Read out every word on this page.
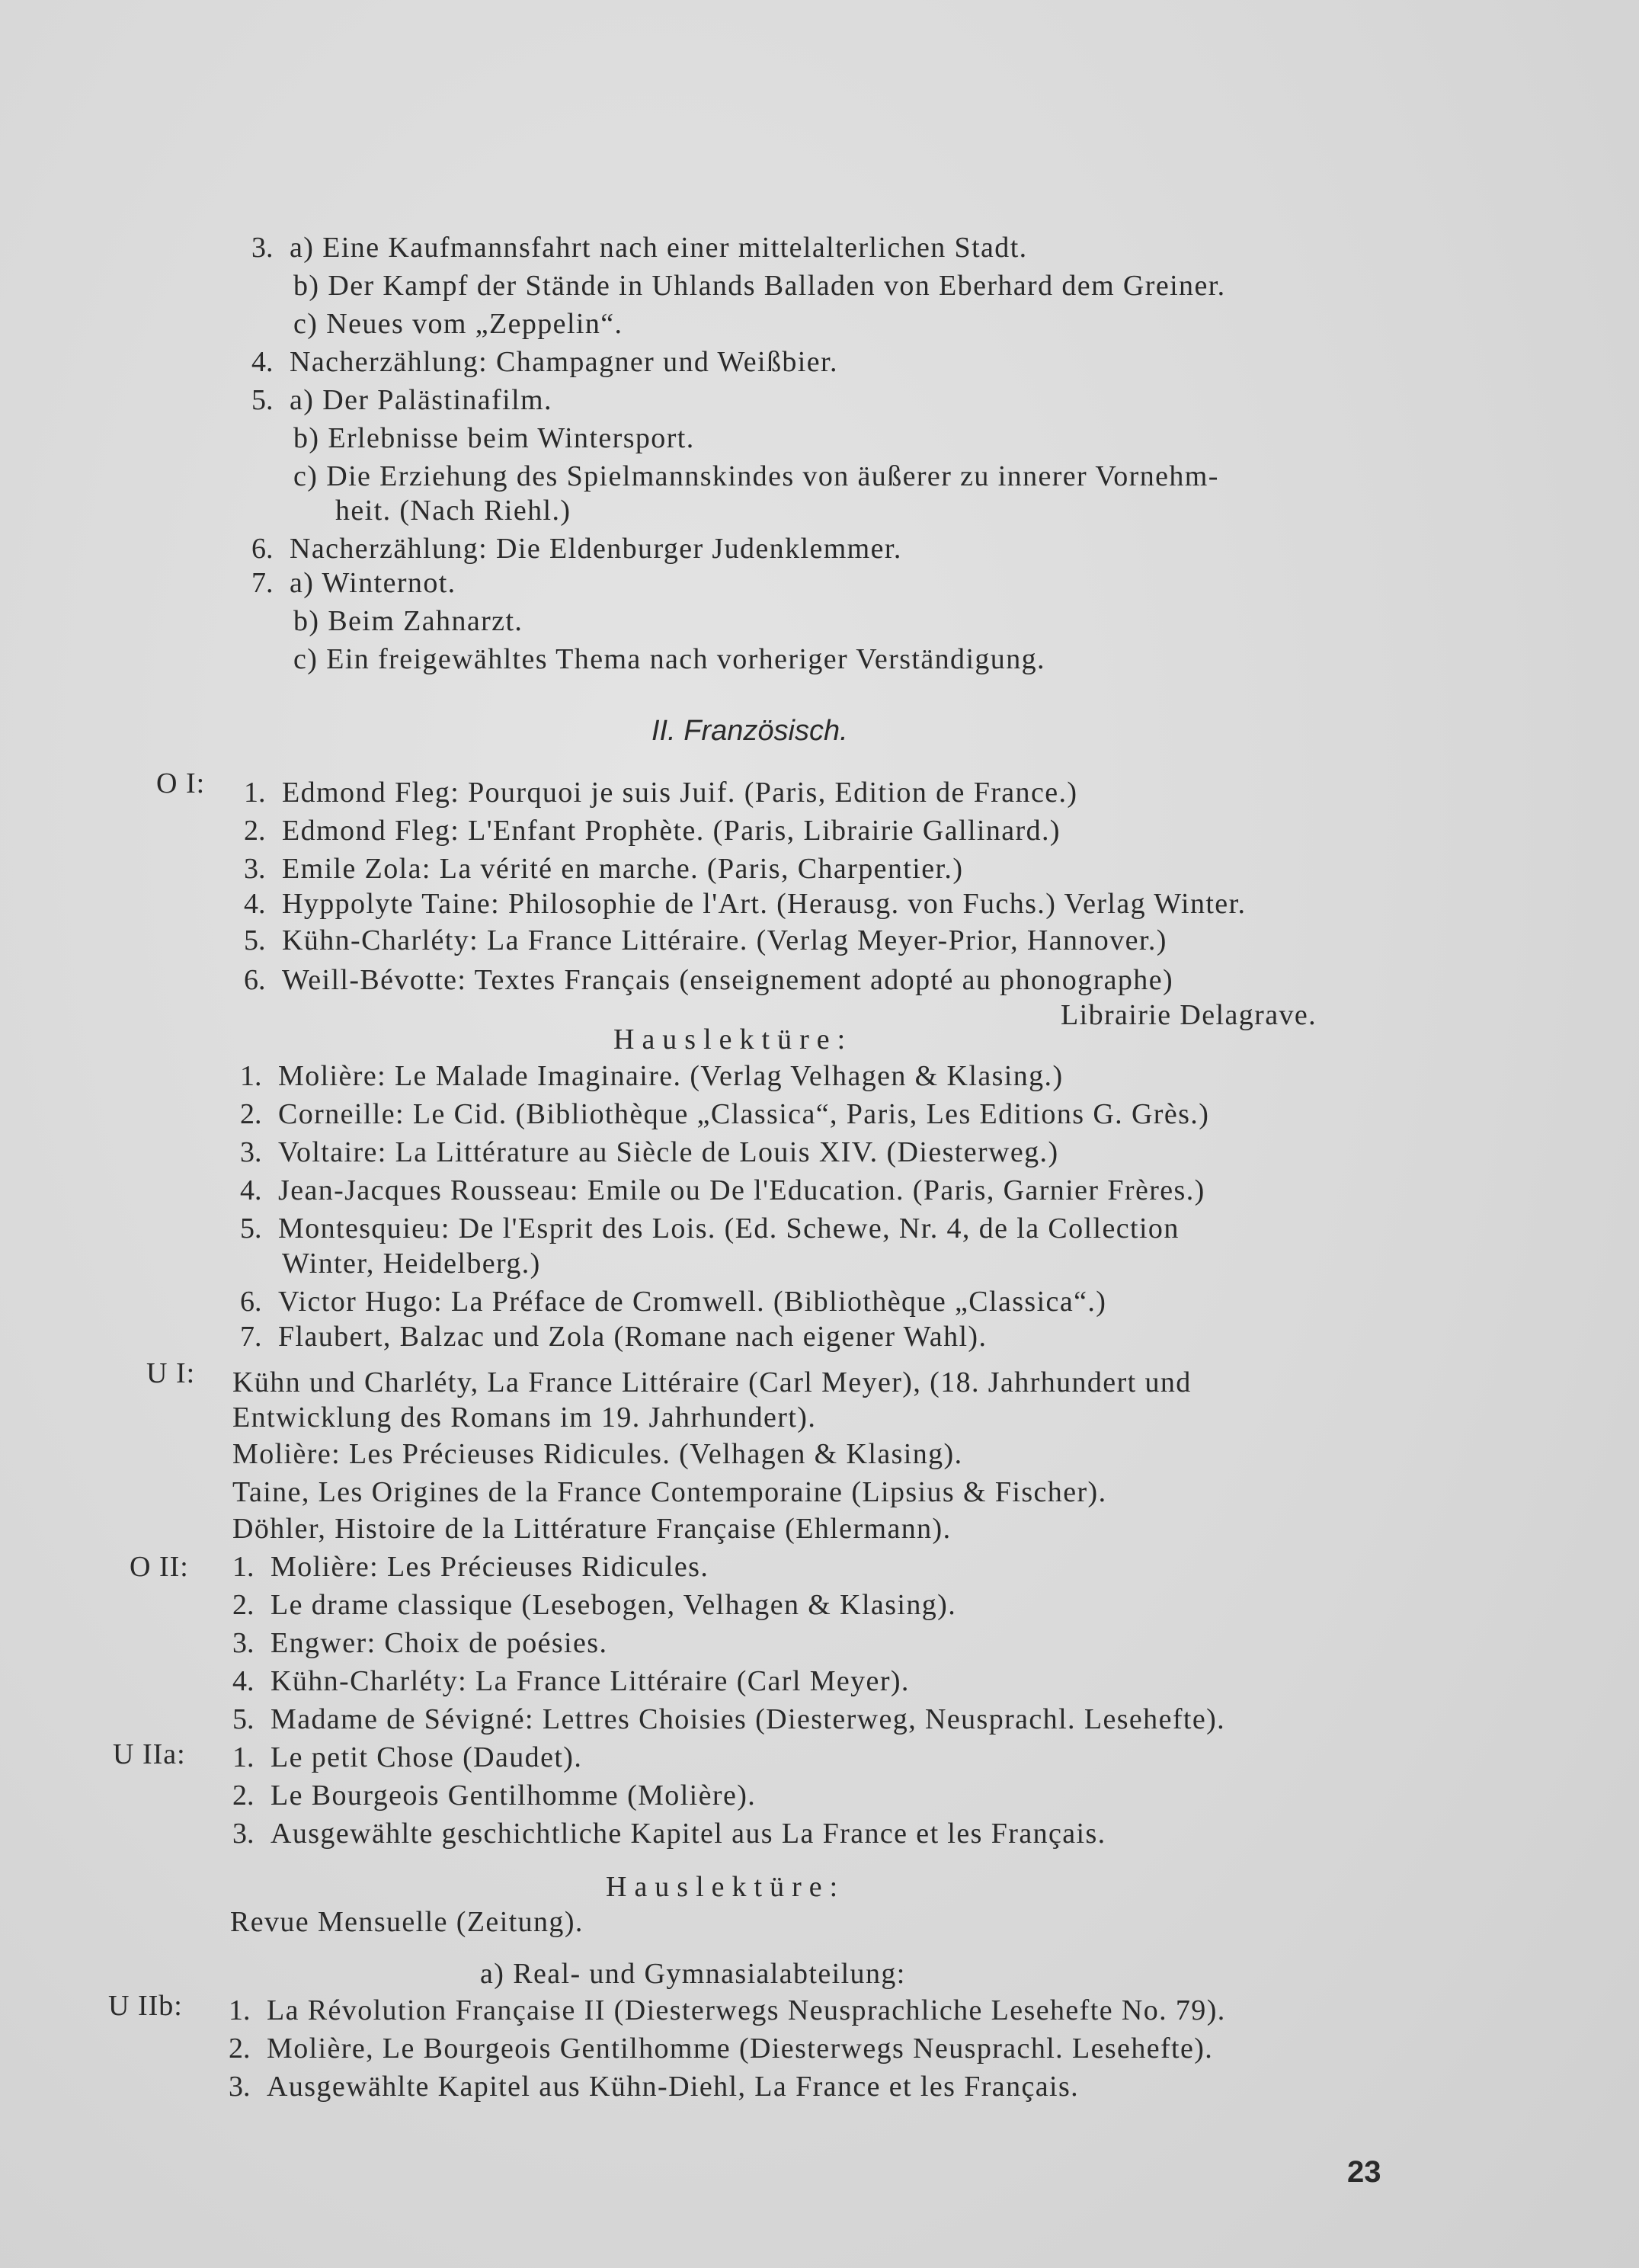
3. a) Eine Kaufmannsfahrt nach einer mittelalterlichen Stadt.
b) Der Kampf der Stände in Uhlands Balladen von Eberhard dem Greiner.
c) Neues vom „Zeppelin“.
4. Nacherzählung: Champagner und Weißbier.
5. a) Der Palästinafilm.
b) Erlebnisse beim Wintersport.
c) Die Erziehung des Spielmannskindes von äußerer zu innerer Vornehm-
heit. (Nach Riehl.)
6. Nacherzählung: Die Eldenburger Judenklemmer.
7. a) Winternot.
b) Beim Zahnarzt.
c) Ein freigewähltes Thema nach vorheriger Verständigung.
II. Französisch.
O I: 1. Edmond Fleg: Pourquoi je suis Juif. (Paris, Edition de France.)
2. Edmond Fleg: L'Enfant Prophète. (Paris, Librairie Gallinard.)
3. Emile Zola: La vérité en marche. (Paris, Charpentier.)
4. Hyppolyte Taine: Philosophie de l'Art. (Herausg. von Fuchs.) Verlag Winter.
5. Kühn-Charléty: La France Littéraire. (Verlag Meyer-Prior, Hannover.)
6. Weill-Bévotte: Textes Français (enseignement adopté au phonographe)
Librairie Delagrave.
Hauslektüre:
1. Molière: Le Malade Imaginaire. (Verlag Velhagen & Klasing.)
2. Corneille: Le Cid. (Bibliothèque „Classica“, Paris, Les Editions G. Grès.)
3. Voltaire: La Littérature au Siècle de Louis XIV. (Diesterweg.)
4. Jean-Jacques Rousseau: Emile ou De l'Education. (Paris, Garnier Frères.)
5. Montesquieu: De l'Esprit des Lois. (Ed. Schewe, Nr. 4, de la Collection
Winter, Heidelberg.)
6. Victor Hugo: La Préface de Cromwell. (Bibliothèque „Classica“.)
7. Flaubert, Balzac und Zola (Romane nach eigener Wahl).
U I: Kühn und Charléty, La France Littéraire (Carl Meyer), (18. Jahrhundert und
Entwicklung des Romans im 19. Jahrhundert).
Molière: Les Précieuses Ridicules. (Velhagen & Klasing).
Taine, Les Origines de la France Contemporaine (Lipsius & Fischer).
Döhler, Histoire de la Littérature Française (Ehlermann).
O II: 1. Molière: Les Précieuses Ridicules.
2. Le drame classique (Lesebogen, Velhagen & Klasing).
3. Engwer: Choix de poésies.
4. Kühn-Charléty: La France Littéraire (Carl Meyer).
5. Madame de Sévigné: Lettres Choisies (Diesterweg, Neusprachl. Lesehefte).
U IIa: 1. Le petit Chose (Daudet).
2. Le Bourgeois Gentilhomme (Molière).
3. Ausgewählte geschichtliche Kapitel aus La France et les Français.
Hauslektüre:
Revue Mensuelle (Zeitung).
a) Real- und Gymnasialabteilung:
U IIb: 1. La Révolution Française II (Diesterwegs Neusprachliche Lesehefte No. 79).
2. Molière, Le Bourgeois Gentilhomme (Diesterwegs Neusprachl. Lesehefte).
3. Ausgewählte Kapitel aus Kühn-Diehl, La France et les Français.
23
